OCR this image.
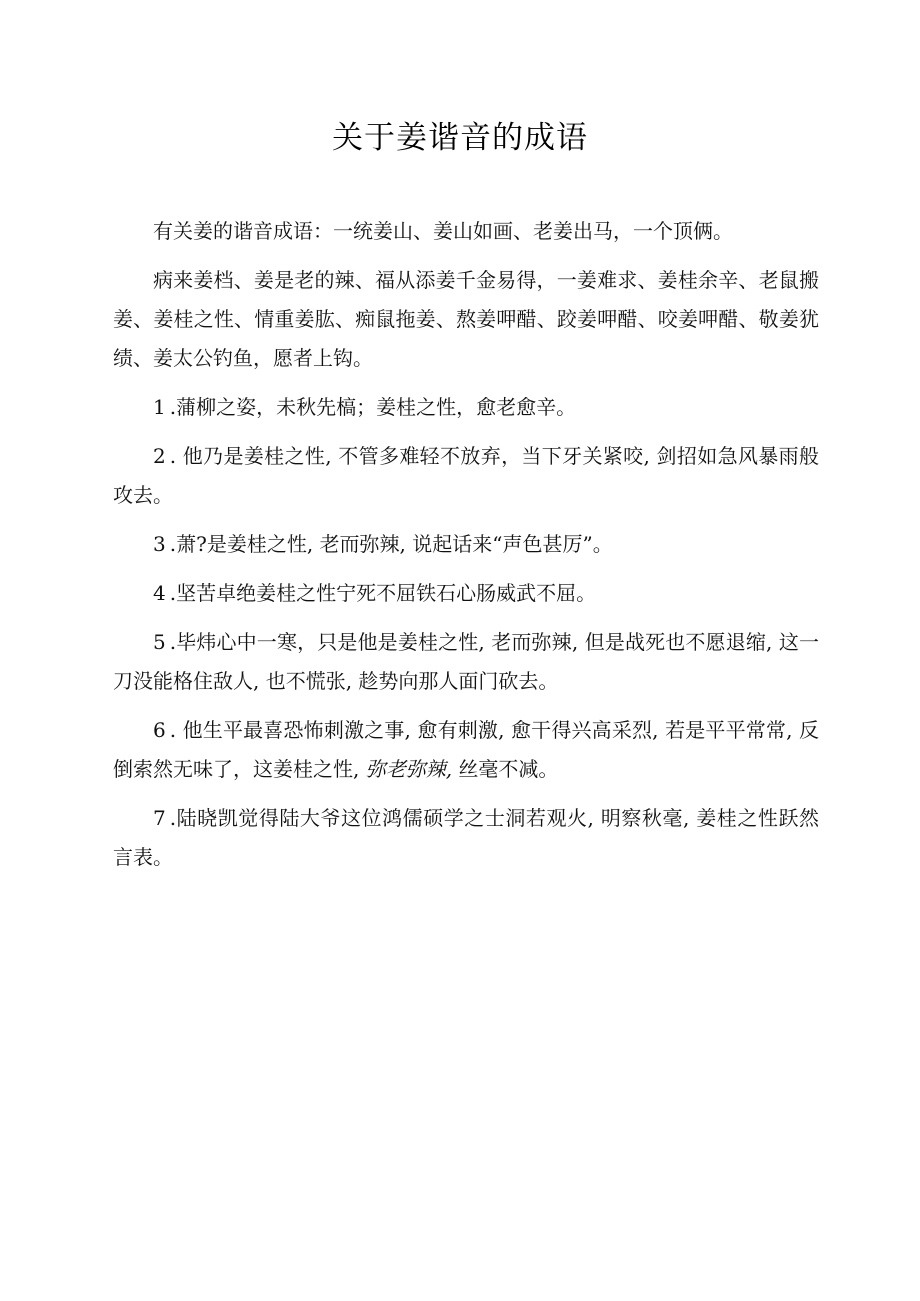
关于姜谐音的成语

有关姜的谐音成语：一统姜山、姜山如画、老姜出马，一个顶俩。

病来姜档、姜是老的辣、福从添姜千金易得，一姜难求、姜桂余辛、老鼠搬姜、姜桂之性、情重姜肱、痴鼠拖姜、熬姜呷醋、跤姜呷醋、咬姜呷醋、敬姜犹绩、姜太公钓鱼，愿者上钩。

1 .蒲柳之姿，未秋先槁；姜桂之性，愈老愈辛。

2 . 他乃是姜桂之性, 不管多难轻不放弃，当下牙关紧咬, 剑招如急风暴雨般攻去。

3 .萧?是姜桂之性, 老而弥辣, 说起话来“声色甚厉”。

4 .坚苦卓绝姜桂之性宁死不屈铁石心肠威武不屈。

5 .毕炜心中一寒，只是他是姜桂之性, 老而弥辣, 但是战死也不愿退缩, 这一刀没能格住敌人, 也不慌张, 趁势向那人面门砍去。

6 . 他生平最喜恐怖刺激之事, 愈有刺激, 愈干得兴高采烈, 若是平平常常, 反倒索然无味了，这姜桂之性, 弥老弥辣, 丝毫不减。

7 .陆晓凯觉得陆大爷这位鸿儒硕学之士洞若观火, 明察秋毫, 姜桂之性跃然言表。
